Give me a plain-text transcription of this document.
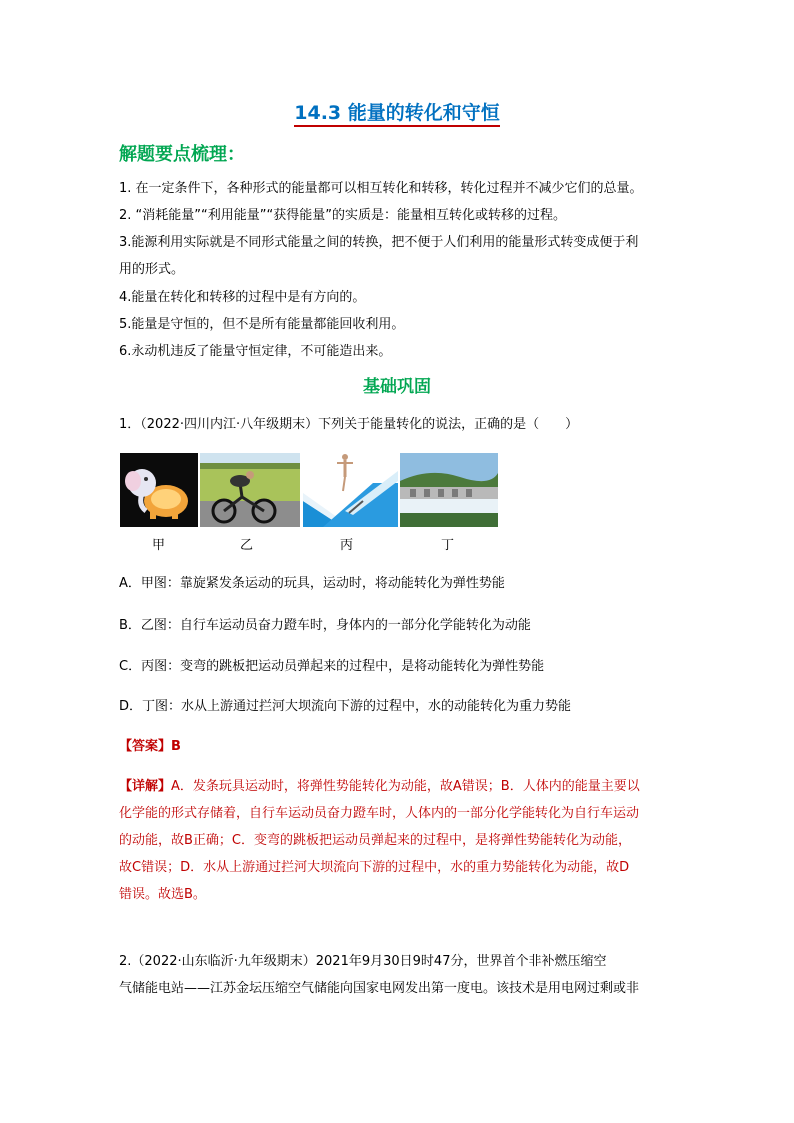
14.3 能量的转化和守恒
解题要点梳理：
1. 在一定条件下，各种形式的能量都可以相互转化和转移，转化过程并不减少它们的总量。
2. “消耗能量”“利用能量”“获得能量”的实质是：能量相互转化或转移的过程。
3.能源利用实际就是不同形式能量之间的转换，把不便于人们利用的能量形式转变成便于利
用的形式。
4.能量在转化和转移的过程中是有方向的。
5.能量是守恒的，但不是所有能量都能回收利用。
6.永动机违反了能量守恒定律，不可能造出来。
基础巩固
1．（2022·四川内江·八年级期末）下列关于能量转化的说法，正确的是（　　）
甲	乙	丙	丁
A．甲图：靠旋紧发条运动的玩具，运动时，将动能转化为弹性势能
B．乙图：自行车运动员奋力蹬车时，身体内的一部分化学能转化为动能
C．丙图：变弯的跳板把运动员弹起来的过程中，是将动能转化为弹性势能
D．丁图：水从上游通过拦河大坝流向下游的过程中，水的动能转化为重力势能
【答案】B
【详解】A．发条玩具运动时，将弹性势能转化为动能，故A错误；B．人体内的能量主要以
化学能的形式存储着，自行车运动员奋力蹬车时，人体内的一部分化学能转化为自行车运动
的动能，故B正确；C．变弯的跳板把运动员弹起来的过程中，是将弹性势能转化为动能，
故C错误；D．水从上游通过拦河大坝流向下游的过程中，水的重力势能转化为动能，故D
错误。故选B。
2.（2022·山东临沂·九年级期末）2021年9月30日9时47分，世界首个非补燃压缩空
气储能电站——江苏金坛压缩空气储能向国家电网发出第一度电。该技术是用电网过剩或非
